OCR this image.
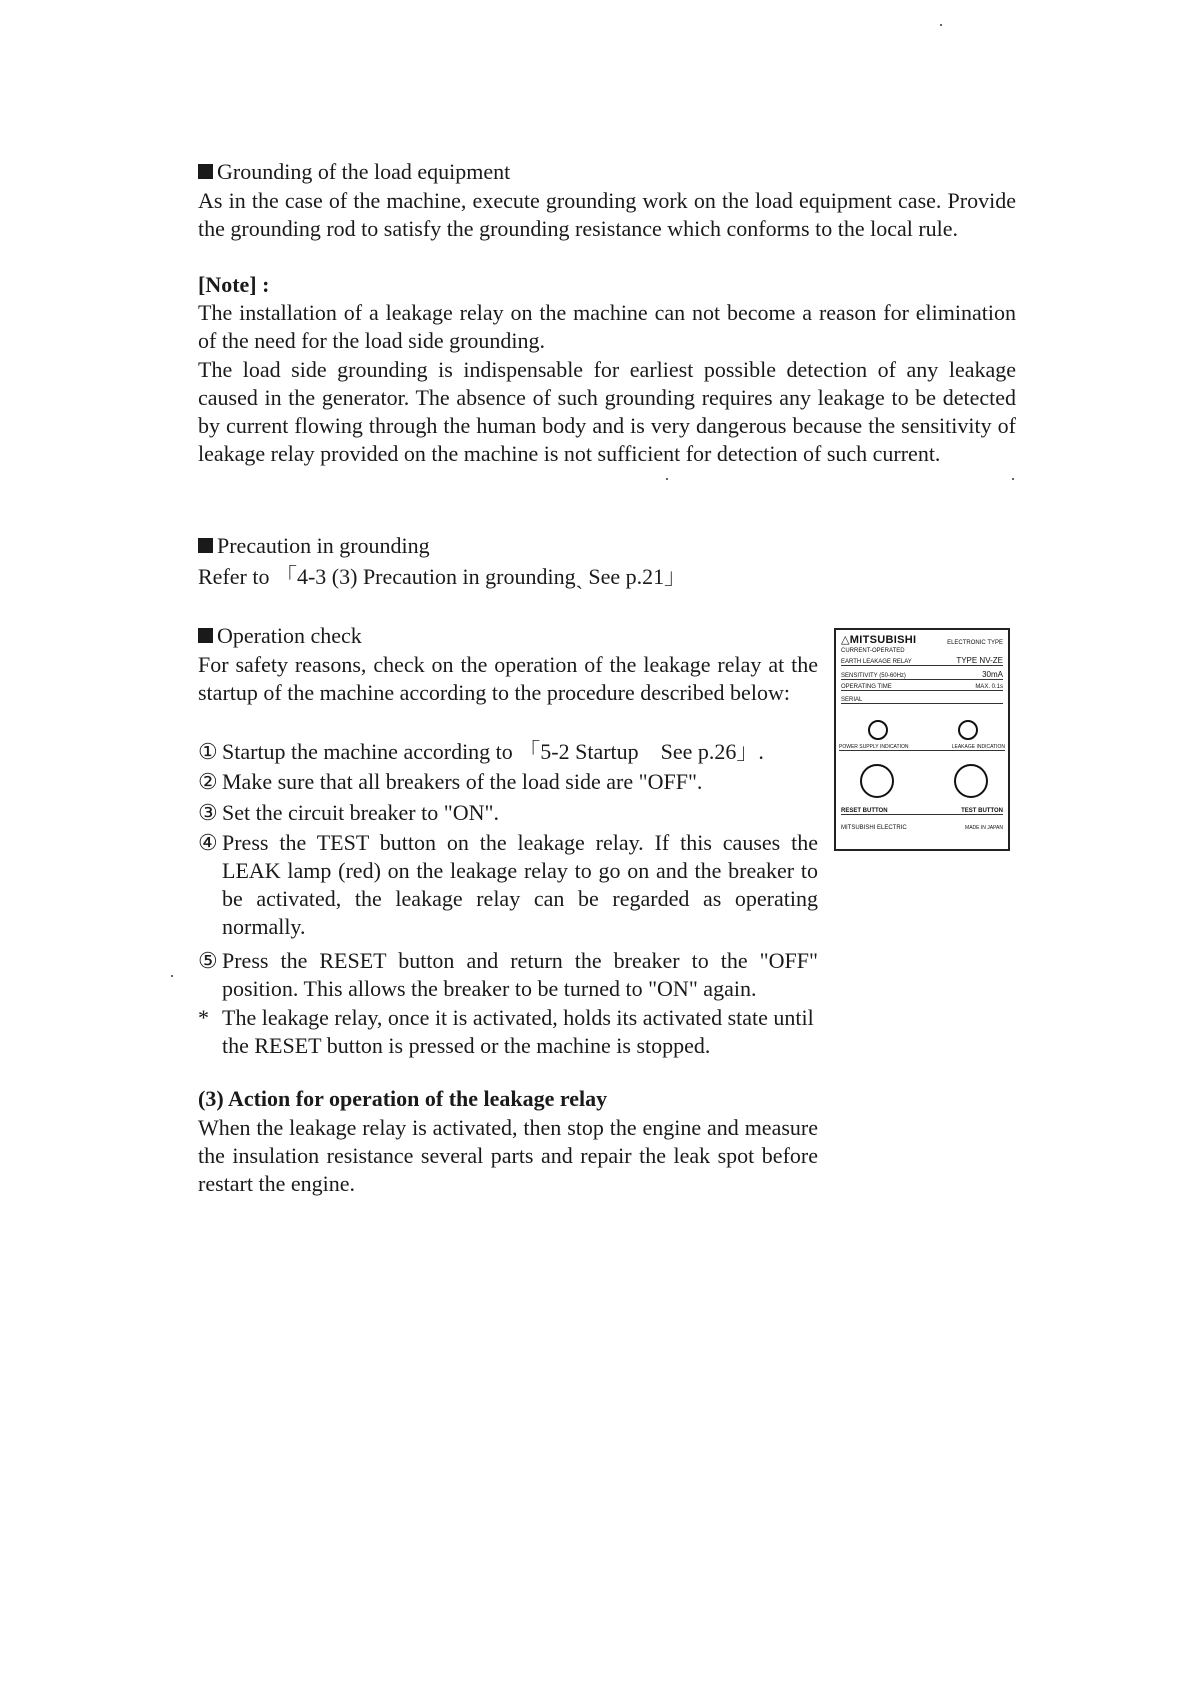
Grounding of the load equipment
As in the case of the machine, execute grounding work on the load equipment case. Provide the grounding rod to satisfy the grounding resistance which conforms to the local rule.
[Note] :
The installation of a leakage relay on the machine can not become a reason for elimination of the need for the load side grounding.
The load side grounding is indispensable for earliest possible detection of any leakage caused in the generator. The absence of such grounding requires any leakage to be detected by current flowing through the human body and is very dangerous because the sensitivity of leakage relay provided on the machine is not sufficient for detection of such current.
Precaution in grounding
Refer to 「4-3 (3) Precaution in groundingˎ See p.21」
Operation check
For safety reasons, check on the operation of the leakage relay at the startup of the machine according to the procedure described below:
① Startup the machine according to 「5-2 Startup See p.26」.
② Make sure that all breakers of the load side are "OFF".
③ Set the circuit breaker to "ON".
④ Press the TEST button on the leakage relay. If this causes the LEAK lamp (red) on the leakage relay to go on and the breaker to be activated, the leakage relay can be regarded as operating normally.
⑤ Press the RESET button and return the breaker to the "OFF" position. This allows the breaker to be turned to "ON" again.
* The leakage relay, once it is activated, holds its activated state until the RESET button is pressed or the machine is stopped.
(3) Action for operation of the leakage relay
When the leakage relay is activated, then stop the engine and measure the insulation resistance several parts and repair the leak spot before restart the engine.
△MITSUBISHI	ELECTRONIC TYPE
CURRENT-OPERATED
EARTH LEAKAGE RELAY	TYPE NV-ZE
SENSITIVITY (50-60Hz)	30mA
OPERATING TIME	MAX. 0.1s
SERIAL
POWER SUPPLY INDICATION	LEAKAGE INDICATION
RESET BUTTON	TEST BUTTON
MITSUBISHI ELECTRIC	MADE IN JAPAN
